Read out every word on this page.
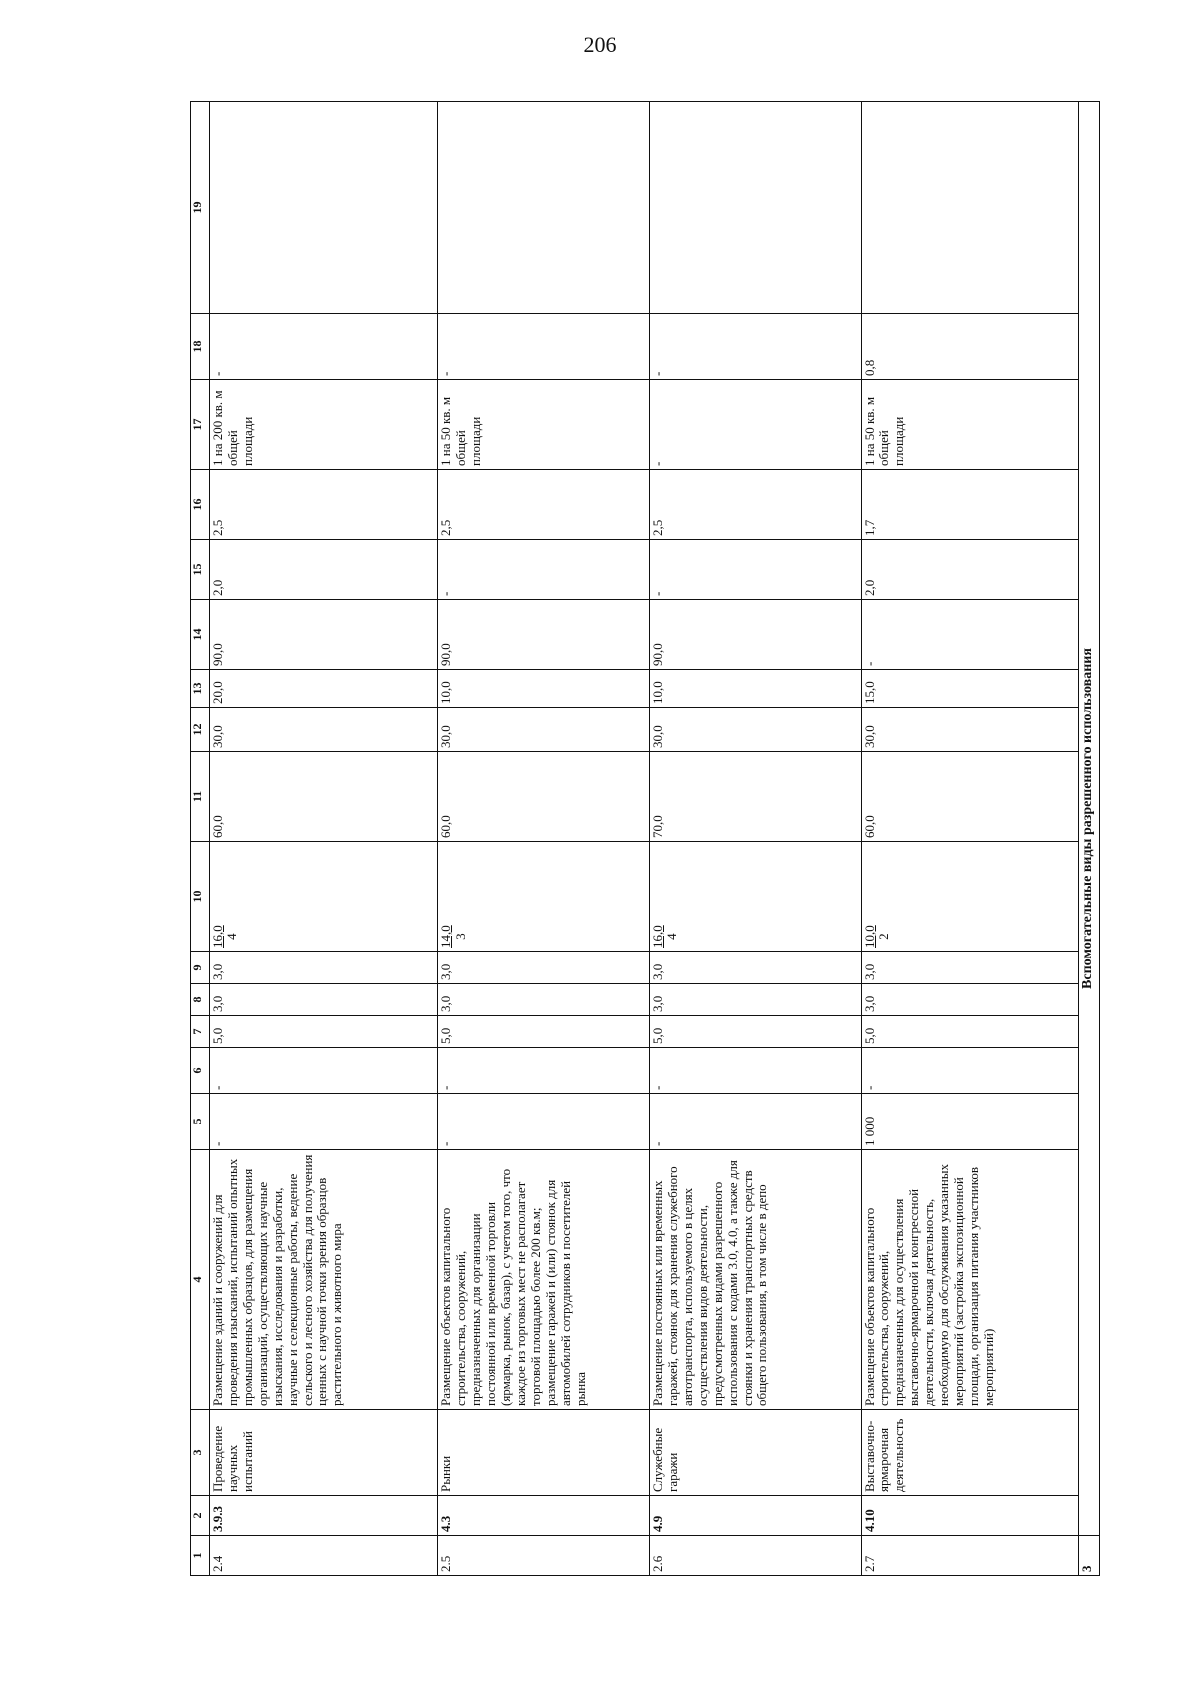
206
1	2	3	4	5	6	7	8	9	10	11	12	13	14	15	16	17	18	19
2.4	3.9.3	Проведение научных испытаний	Размещение зданий и сооружений для проведения изысканий, испытаний опытных промышленных образцов, для размещения организаций, осуществляющих научные изыскания, исследования и разработки, научные и селекционные работы, ведение сельского и лесного хозяйства для получения ценных с научной точки зрения образцов растительного и животного мира	-	-	5,0	3,0	3,0	16,0 4	60,0	30,0	20,0	90,0	2,0	2,5	1 на 200 кв. м общей площади	-	
2.5	4.3	Рынки	Размещение объектов капитального строительства, сооружений, предназначенных для организации постоянной или временной торговли (ярмарка, рынок, базар), с учетом того, что каждое из торговых мест не располагает торговой площадью более 200 кв.м; размещение гаражей и (или) стоянок для автомобилей сотрудников и посетителей рынка	-	-	5,0	3,0	3,0	14,0 3	60,0	30,0	10,0	90,0	-	2,5	1 на 50 кв. м общей площади	-	
2.6	4.9	Служебные гаражи	Размещение постоянных или временных гаражей, стоянок для хранения служебного автотранспорта, используемого в целях осуществления видов деятельности, предусмотренных видами разрешенного использования с кодами 3.0, 4.0, а также для стоянки и хранения транспортных средств общего пользования, в том числе в депо	-	-	5,0	3,0	3,0	16,0 4	70,0	30,0	10,0	90,0	-	2,5	-	-	
2.7	4.10	Выставочно-ярмарочная деятельность	Размещение объектов капитального строительства, сооружений, предназначенных для осуществления выставочно-ярмарочной и конгрессной деятельности, включая деятельность, необходимую для обслуживания указанных мероприятий (застройка экспозиционной площади, организация питания участников мероприятий)	1 000	-	5,0	3,0	3,0	10,0 2	60,0	30,0	15,0	-	2,0	1,7	1 на 50 кв. м общей площади	0,8	
3	Вспомогательные виды разрешенного использования																	
